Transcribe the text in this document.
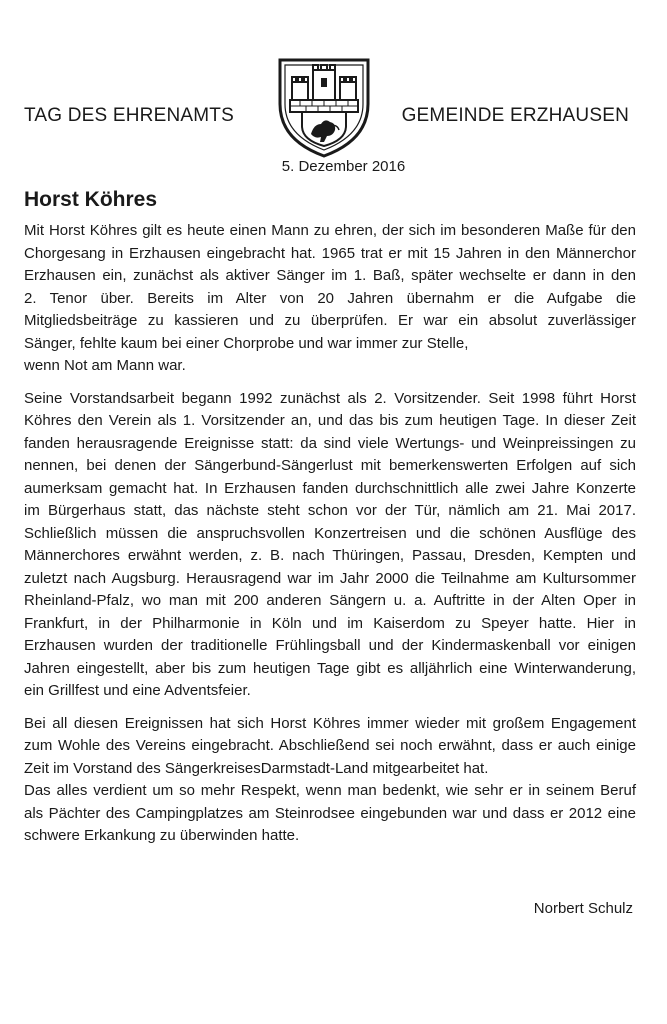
TAG DES EHRENAMTS	GEMEINDE ERZHAUSEN
5. Dezember 2016
Horst Köhres
Mit Horst Köhres gilt es heute einen Mann zu ehren, der sich im besonderen Maße für den
Chorgesang in Erzhausen eingebracht hat. 1965 trat er mit 15 Jahren in den Männerchor
Erzhausen ein, zunächst als aktiver Sänger im 1. Baß, später wechselte er dann in den
2. Tenor über. Bereits im Alter von 20 Jahren übernahm er die Aufgabe die
Mitgliedsbeiträge zu kassieren und zu überprüfen. Er war ein absolut zuverlässiger
Sänger, fehlte kaum bei einer Chorprobe und war immer zur Stelle,
wenn Not am Mann war.
Seine Vorstandsarbeit begann 1992 zunächst als 2. Vorsitzender. Seit 1998 führt Horst
Köhres den Verein als 1. Vorsitzender an, und das bis zum heutigen Tage. In dieser Zeit
fanden herausragende Ereignisse statt: da sind viele Wertungs- und Weinpreissingen zu
nennen, bei denen der Sängerbund-Sängerlust mit bemerkenswerten Erfolgen auf sich
aumerksam gemacht hat. In Erzhausen fanden durchschnittlich alle zwei Jahre Konzerte
im Bürgerhaus statt, das nächste steht schon vor der Tür, nämlich am 21. Mai 2017.
Schließlich müssen die anspruchsvollen Konzertreisen und die schönen Ausflüge des
Männerchores erwähnt werden, z. B. nach Thüringen, Passau, Dresden, Kempten und
zuletzt nach Augsburg. Herausragend war im Jahr 2000 die Teilnahme am Kultursommer
Rheinland-Pfalz, wo man mit 200 anderen Sängern u. a. Auftritte in der Alten Oper in
Frankfurt, in der Philharmonie in Köln und im Kaiserdom zu Speyer hatte. Hier in
Erzhausen wurden der traditionelle Frühlingsball und der Kindermaskenball vor einigen
Jahren eingestellt, aber bis zum heutigen Tage gibt es alljährlich eine Winterwanderung,
ein Grillfest und eine Adventsfeier.
Bei all diesen Ereignissen hat sich Horst Köhres immer wieder mit großem Engagement
zum Wohle des Vereins eingebracht. Abschließend sei noch erwähnt, dass er auch einige
Zeit im Vorstand des SängerkreisesDarmstadt-Land mitgearbeitet hat.
Das alles verdient um so mehr Respekt, wenn man bedenkt, wie sehr er in seinem Beruf
als Pächter des Campingplatzes am Steinrodsee eingebunden war und dass er 2012 eine
schwere Erkankung zu überwinden hatte.
Norbert Schulz
